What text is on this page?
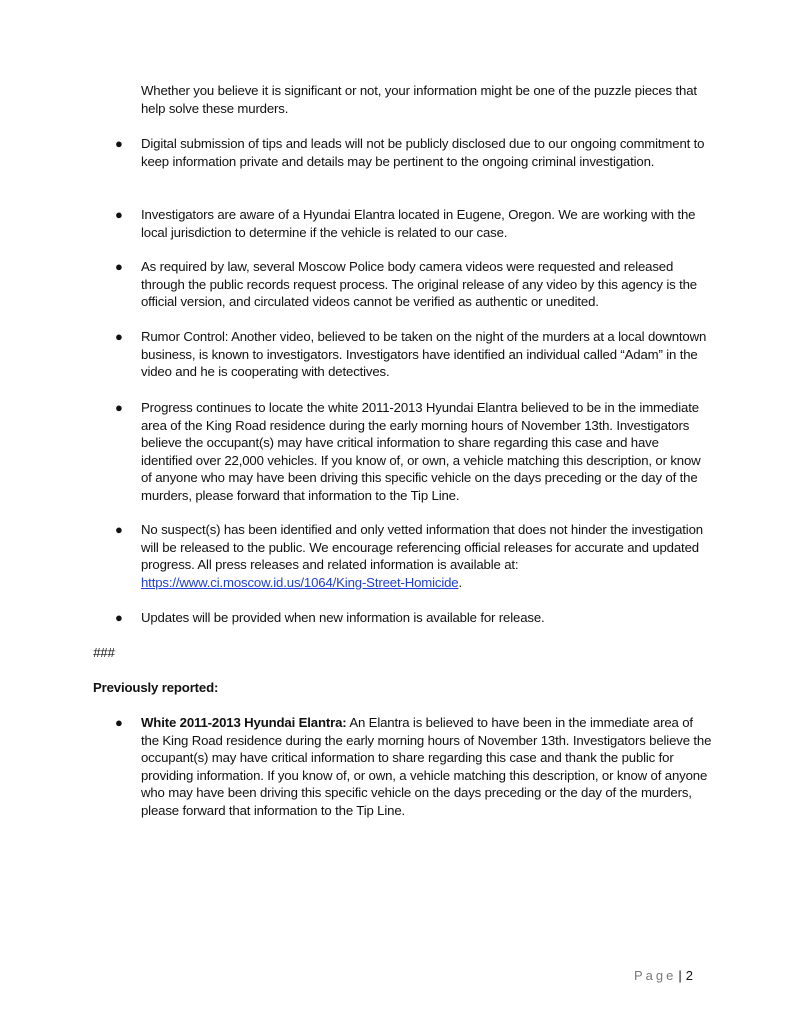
Whether you believe it is significant or not, your information might be one of the puzzle pieces that help solve these murders.
● Digital submission of tips and leads will not be publicly disclosed due to our ongoing commitment to keep information private and details may be pertinent to the ongoing criminal investigation.
● Investigators are aware of a Hyundai Elantra located in Eugene, Oregon. We are working with the local jurisdiction to determine if the vehicle is related to our case.
● As required by law, several Moscow Police body camera videos were requested and released through the public records request process. The original release of any video by this agency is the official version, and circulated videos cannot be verified as authentic or unedited.
● Rumor Control: Another video, believed to be taken on the night of the murders at a local downtown business, is known to investigators. Investigators have identified an individual called “Adam” in the video and he is cooperating with detectives.
● Progress continues to locate the white 2011-2013 Hyundai Elantra believed to be in the immediate area of the King Road residence during the early morning hours of November 13th. Investigators believe the occupant(s) may have critical information to share regarding this case and have identified over 22,000 vehicles. If you know of, or own, a vehicle matching this description, or know of anyone who may have been driving this specific vehicle on the days preceding or the day of the murders, please forward that information to the Tip Line.
● No suspect(s) has been identified and only vetted information that does not hinder the investigation will be released to the public. We encourage referencing official releases for accurate and updated progress. All press releases and related information is available at: https://www.ci.moscow.id.us/1064/King-Street-Homicide.
● Updates will be provided when new information is available for release.
###
Previously reported:
● White 2011-2013 Hyundai Elantra: An Elantra is believed to have been in the immediate area of the King Road residence during the early morning hours of November 13th. Investigators believe the occupant(s) may have critical information to share regarding this case and thank the public for providing information. If you know of, or own, a vehicle matching this description, or know of anyone who may have been driving this specific vehicle on the days preceding or the day of the murders, please forward that information to the Tip Line.
Page | 2
